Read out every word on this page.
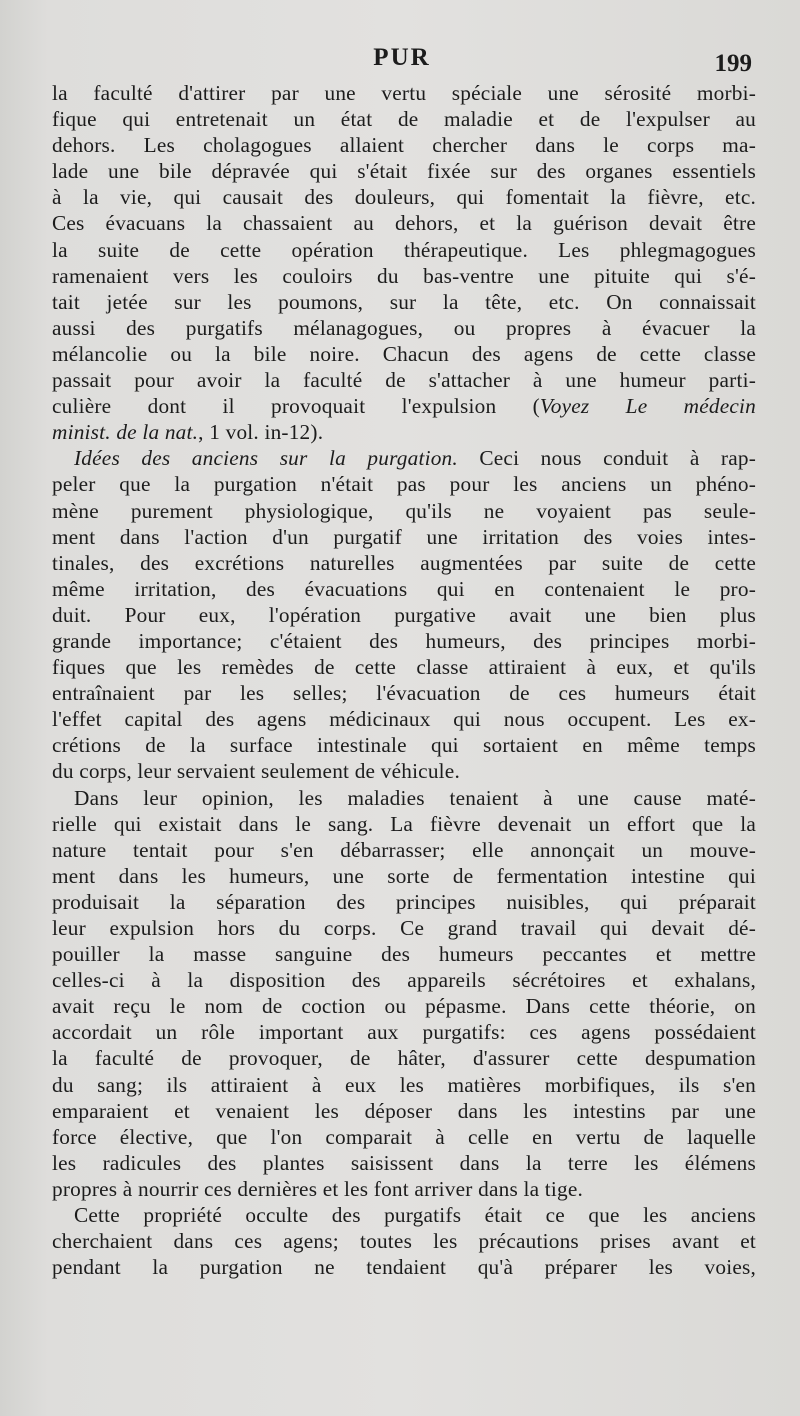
PUR	199
la faculté d'attirer par une vertu spéciale une sérosité morbi-
fique qui entretenait un état de maladie et de l'expulser au
dehors. Les cholagogues allaient chercher dans le corps ma-
lade une bile dépravée qui s'était fixée sur des organes essentiels
à la vie, qui causait des douleurs, qui fomentait la fièvre, etc.
Ces évacuans la chassaient au dehors, et la guérison devait être
la suite de cette opération thérapeutique. Les phlegmagogues
ramenaient vers les couloirs du bas-ventre une pituite qui s'é-
tait jetée sur les poumons, sur la tête, etc. On connaissait
aussi des purgatifs mélanagogues, ou propres à évacuer la
mélancolie ou la bile noire. Chacun des agens de cette classe
passait pour avoir la faculté de s'attacher à une humeur parti-
culière dont il provoquait l'expulsion (Voyez Le médecin
minist. de la nat., 1 vol. in-12).
Idées des anciens sur la purgation. Ceci nous conduit à rap-
peler que la purgation n'était pas pour les anciens un phéno-
mène purement physiologique, qu'ils ne voyaient pas seule-
ment dans l'action d'un purgatif une irritation des voies intes-
tinales, des excrétions naturelles augmentées par suite de cette
même irritation, des évacuations qui en contenaient le pro-
duit. Pour eux, l'opération purgative avait une bien plus
grande importance; c'étaient des humeurs, des principes morbi-
fiques que les remèdes de cette classe attiraient à eux, et qu'ils
entraînaient par les selles; l'évacuation de ces humeurs était
l'effet capital des agens médicinaux qui nous occupent. Les ex-
crétions de la surface intestinale qui sortaient en même temps
du corps, leur servaient seulement de véhicule.
Dans leur opinion, les maladies tenaient à une cause maté-
rielle qui existait dans le sang. La fièvre devenait un effort que la
nature tentait pour s'en débarrasser; elle annonçait un mouve-
ment dans les humeurs, une sorte de fermentation intestine qui
produisait la séparation des principes nuisibles, qui préparait
leur expulsion hors du corps. Ce grand travail qui devait dé-
pouiller la masse sanguine des humeurs peccantes et mettre
celles-ci à la disposition des appareils sécrétoires et exhalans,
avait reçu le nom de coction ou pépasme. Dans cette théorie, on
accordait un rôle important aux purgatifs: ces agens possédaient
la faculté de provoquer, de hâter, d'assurer cette despumation
du sang; ils attiraient à eux les matières morbifiques, ils s'en
emparaient et venaient les déposer dans les intestins par une
force élective, que l'on comparait à celle en vertu de laquelle
les radicules des plantes saisissent dans la terre les élémens
propres à nourrir ces dernières et les font arriver dans la tige.
Cette propriété occulte des purgatifs était ce que les anciens
cherchaient dans ces agens; toutes les précautions prises avant et
pendant la purgation ne tendaient qu'à préparer les voies,
